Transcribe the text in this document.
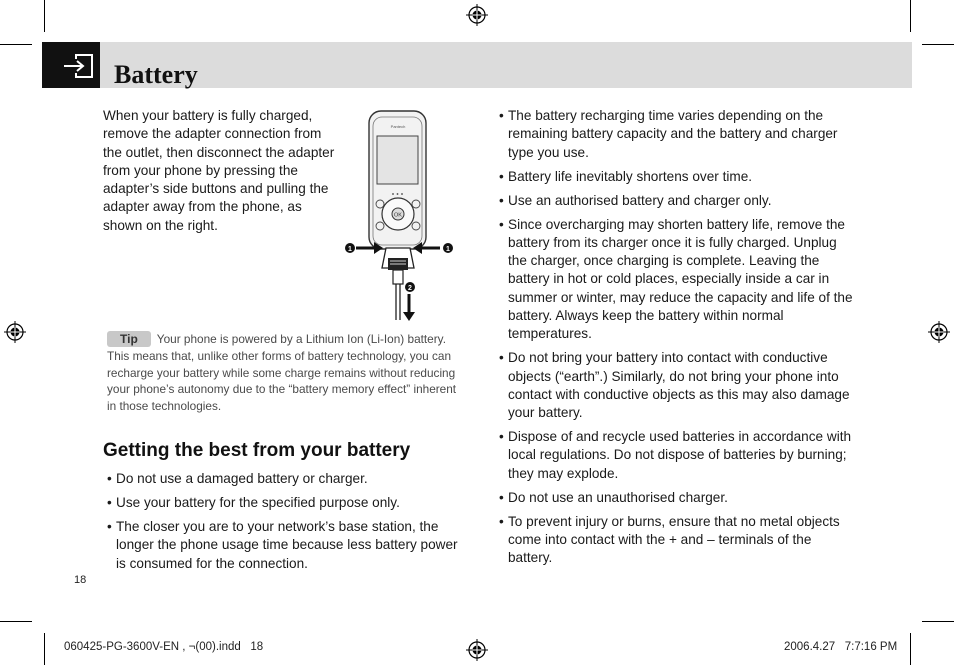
Battery
When your battery is fully charged, remove the adapter connection from the outlet, then disconnect the adapter from your phone by pressing the adapter’s side buttons and pulling the adapter away from the phone, as shown on the right.
Pantech
OK
1	1
2
Tip Your phone is powered by a Lithium Ion (Li-Ion) battery. This means that, unlike other forms of battery technology, you can recharge your battery while some charge remains without reducing your phone’s autonomy due to the “battery memory effect” inherent in those technologies.
Getting the best from your battery
• Do not use a damaged battery or charger.
• Use your battery for the specified purpose only.
• The closer you are to your network’s base station, the longer the phone usage time because less battery power is consumed for the connection.
• The battery recharging time varies depending on the remaining battery capacity and the battery and charger type you use.
• Battery life inevitably shortens over time.
• Use an authorised battery and charger only.
• Since overcharging may shorten battery life, remove the battery from its charger once it is fully charged. Unplug the charger, once charging is complete. Leaving the battery in hot or cold places, especially inside a car in summer or winter, may reduce the capacity and life of the battery. Always keep the battery within normal temperatures.
• Do not bring your battery into contact with conductive objects (“earth”.) Similarly, do not bring your phone into contact with conductive objects as this may also damage your battery.
• Dispose of and recycle used batteries in accordance with local regulations. Do not dispose of batteries by burning; they may explode.
• Do not use an unauthorised charger.
• To prevent injury or burns, ensure that no metal objects come into contact with the + and – terminals of the battery.
18
060425-PG-3600V-EN , ¬(00).indd   18	2006.4.27   7:7:16 PM
